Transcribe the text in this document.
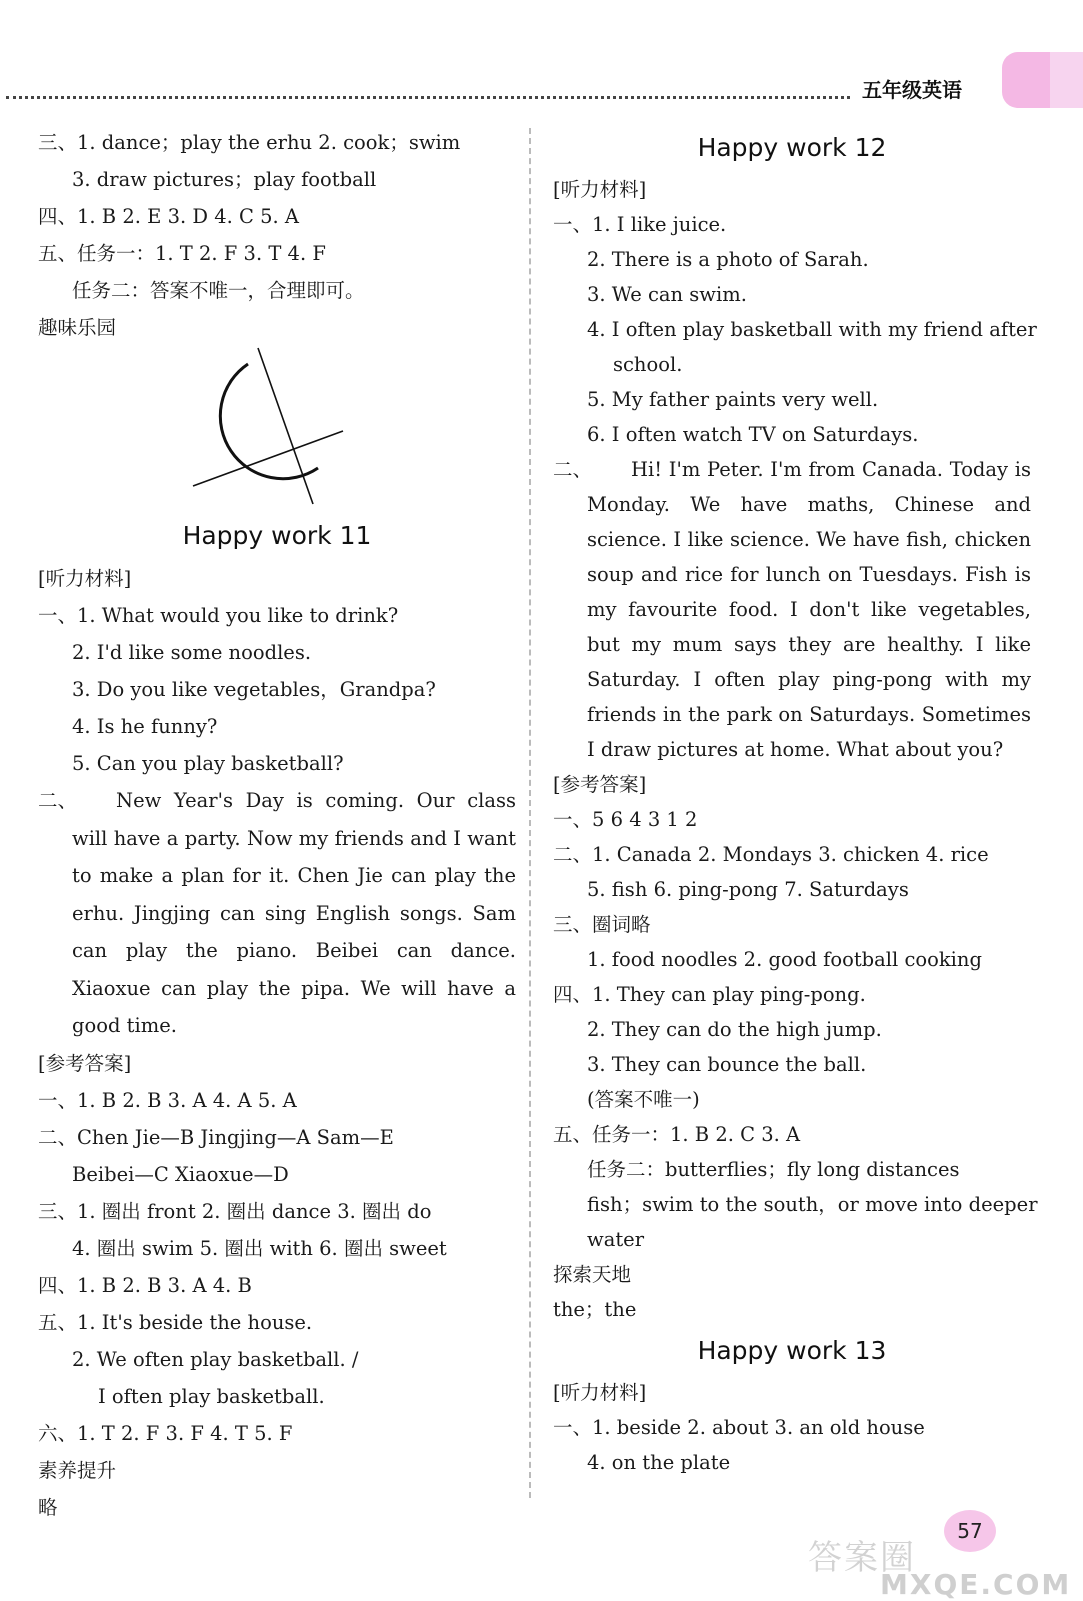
五年级英语
三、1. dance；play the erhu 2. cook；swim
3. draw pictures；play football
四、1. B 2. E 3. D 4. C 5. A
五、任务一：1. T 2. F 3. T 4. F
任务二：答案不唯一，合理即可。
趣味乐园
Happy work 11
[听力材料]
一、1. What would you like to drink?
2. I'd like some noodles.
3. Do you like vegetables，Grandpa?
4. Is he funny?
5. Can you play basketball?
二、 New Year's Day is coming. Our class will have a party. Now my friends and I want to make a plan for it. Chen Jie can play the erhu. Jingjing can sing English songs. Sam can play the piano. Beibei can dance. Xiaoxue can play the pipa. We will have a good time.
[参考答案]
一、1. B 2. B 3. A 4. A 5. A
二、Chen Jie—B Jingjing—A Sam—E
Beibei—C Xiaoxue—D
三、1. 圈出 front 2. 圈出 dance 3. 圈出 do
4. 圈出 swim 5. 圈出 with 6. 圈出 sweet
四、1. B 2. B 3. A 4. B
五、1. It's beside the house.
2. We often play basketball. /
I often play basketball.
六、1. T 2. F 3. F 4. T 5. F
素养提升
略
Happy work 12
[听力材料]
一、1. I like juice.
2. There is a photo of Sarah.
3. We can swim.
4. I often play basketball with my friend after
school.
5. My father paints very well.
6. I often watch TV on Saturdays.
二、 Hi! I'm Peter. I'm from Canada. Today is Monday. We have maths, Chinese and science. I like science. We have fish, chicken soup and rice for lunch on Tuesdays. Fish is my favourite food. I don't like vegetables, but my mum says they are healthy. I like Saturday. I often play ping-pong with my friends in the park on Saturdays. Sometimes I draw pictures at home. What about you?
[参考答案]
一、5 6 4 3 1 2
二、1. Canada 2. Mondays 3. chicken 4. rice
5. fish 6. ping-pong 7. Saturdays
三、圈词略
1. food noodles 2. good football cooking
四、1. They can play ping-pong.
2. They can do the high jump.
3. They can bounce the ball.
(答案不唯一)
五、任务一：1. B 2. C 3. A
任务二：butterflies；fly long distances
fish；swim to the south，or move into deeper
water
探索天地
the；the
Happy work 13
[听力材料]
一、1. beside 2. about 3. an old house
4. on the plate
答案圈
MXQE.COM
57
